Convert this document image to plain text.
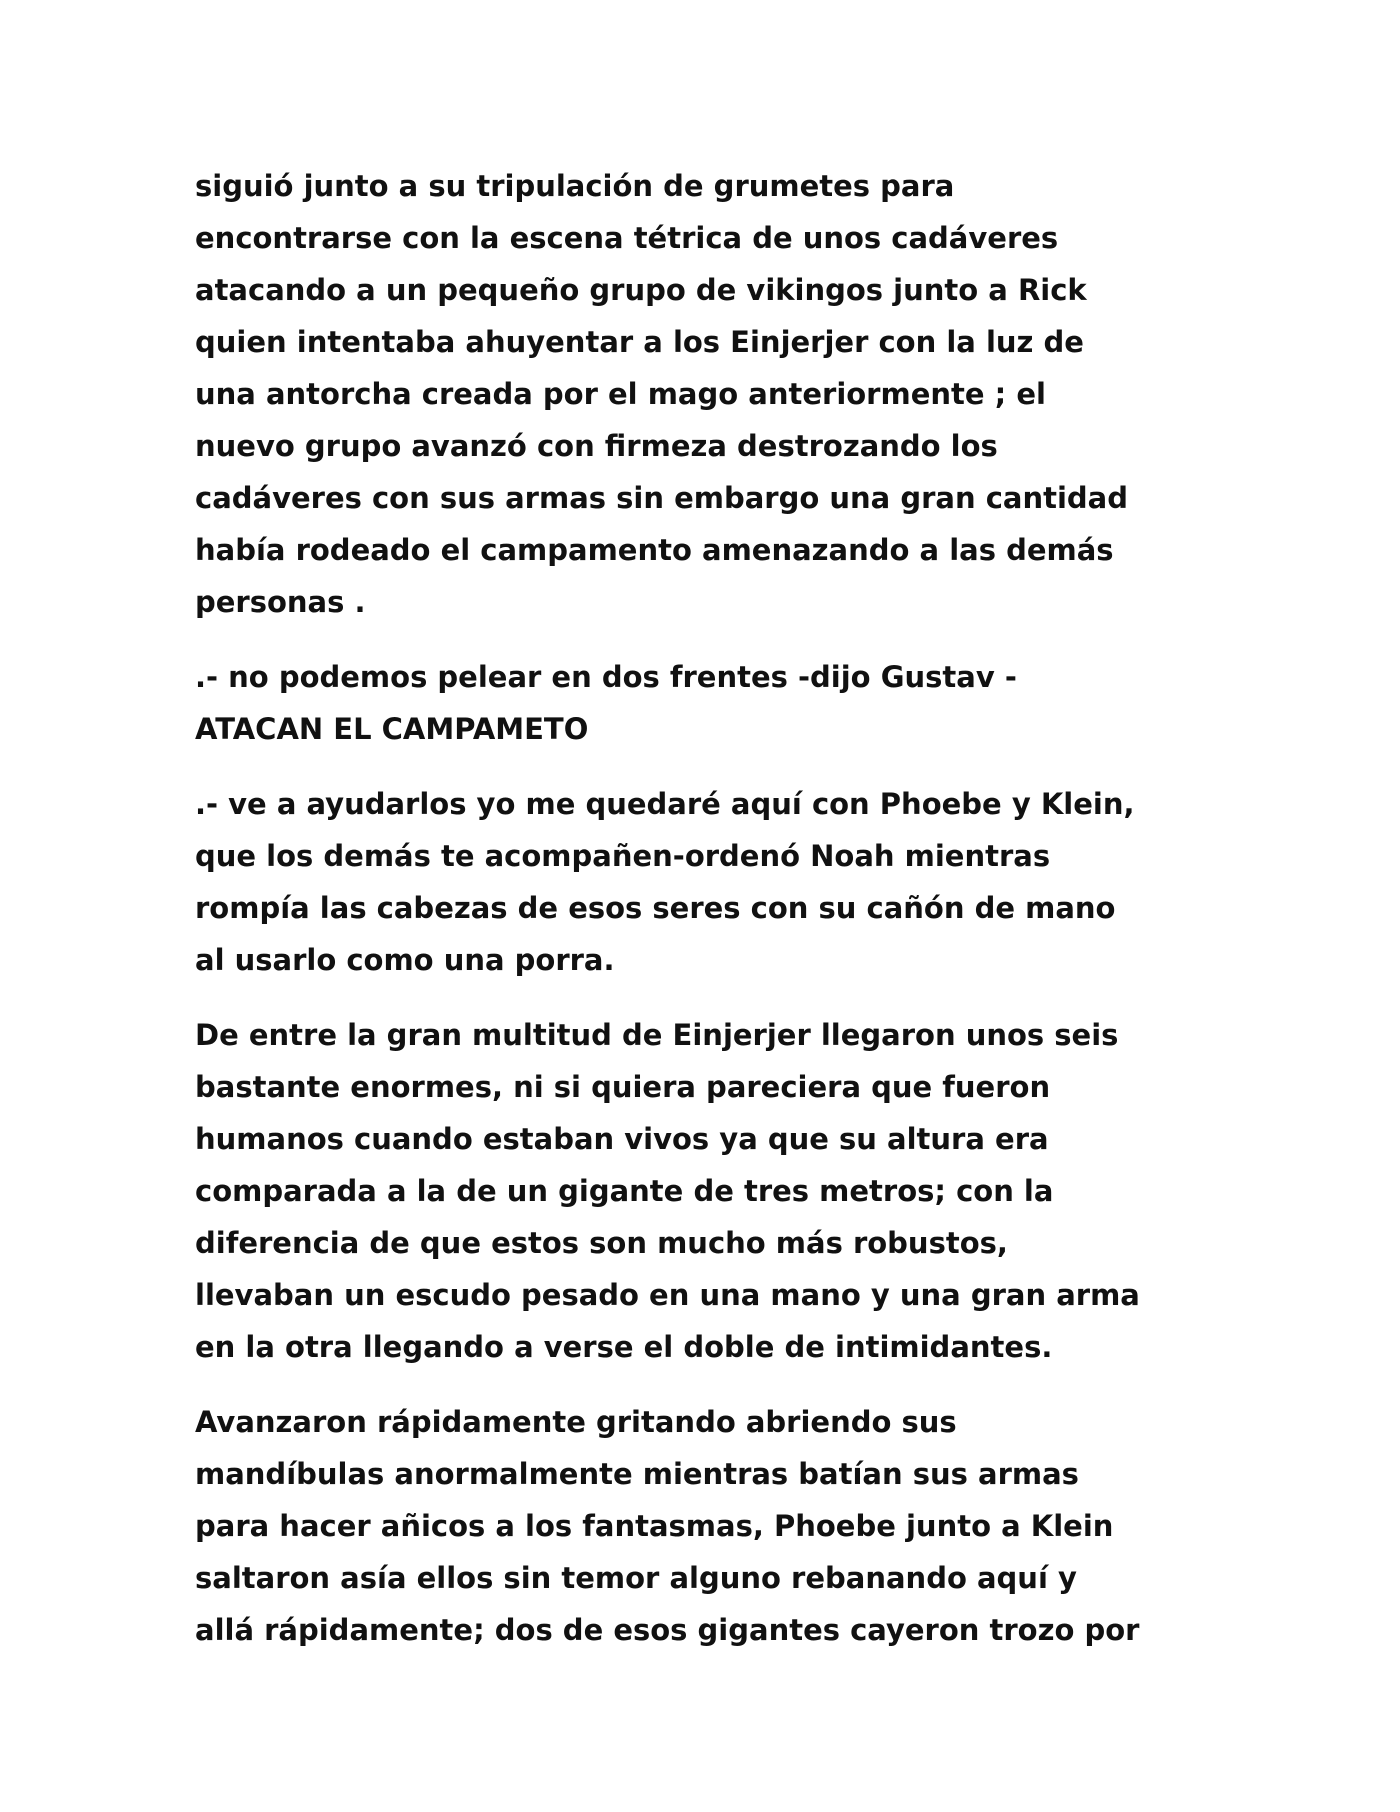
siguió junto a su tripulación de grumetes para
encontrarse con la escena tétrica de unos cadáveres
atacando a un pequeño grupo de vikingos junto a Rick
quien intentaba ahuyentar a los Einjerjer con la luz de
una antorcha creada por el mago anteriormente ; el
nuevo grupo avanzó con firmeza destrozando los
cadáveres con sus armas sin embargo una gran cantidad
había rodeado el campamento amenazando a las demás
personas .

.- no podemos pelear en dos frentes -dijo Gustav -
ATACAN EL CAMPAMETO

.- ve a ayudarlos yo me quedaré aquí con Phoebe y Klein,
que los demás te acompañen-ordenó Noah mientras
rompía las cabezas de esos seres con su cañón de mano
al usarlo como una porra.

De entre la gran multitud de Einjerjer llegaron unos seis
bastante enormes, ni si quiera pareciera que fueron
humanos cuando estaban vivos ya que su altura era
comparada a la de un gigante de tres metros; con la
diferencia de que estos son mucho más robustos,
llevaban un escudo pesado en una mano y una gran arma
en la otra llegando a verse el doble de intimidantes.

Avanzaron rápidamente gritando abriendo sus
mandíbulas anormalmente mientras batían sus armas
para hacer añicos a los fantasmas, Phoebe junto a Klein
saltaron asía ellos sin temor alguno rebanando aquí y
allá rápidamente; dos de esos gigantes cayeron trozo por
